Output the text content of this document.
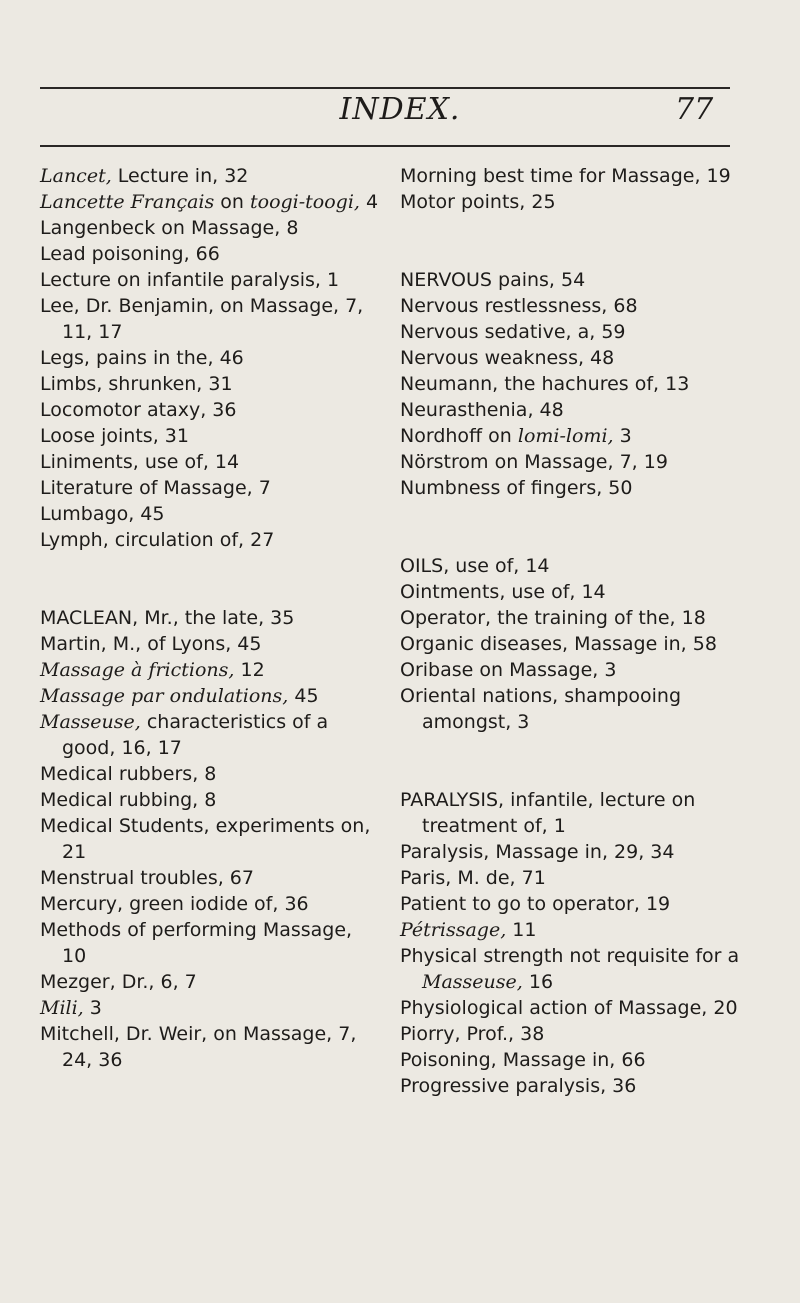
INDEX.	77
Lancet, Lecture in, 32
Lancette Français on toogi-toogi, 4
Langenbeck on Massage, 8
Lead poisoning, 66
Lecture on infantile paralysis, 1
Lee, Dr. Benjamin, on Massage, 7, 11, 17
Legs, pains in the, 46
Limbs, shrunken, 31
Locomotor ataxy, 36
Loose joints, 31
Liniments, use of, 14
Literature of Massage, 7
Lumbago, 45
Lymph, circulation of, 27
MACLEAN, Mr., the late, 35
Martin, M., of Lyons, 45
Massage à frictions, 12
Massage par ondulations, 45
Masseuse, characteristics of a good, 16, 17
Medical rubbers, 8
Medical rubbing, 8
Medical Students, experiments on, 21
Menstrual troubles, 67
Mercury, green iodide of, 36
Methods of performing Massage, 10
Mezger, Dr., 6, 7
Mili, 3
Mitchell, Dr. Weir, on Massage, 7, 24, 36
Morning best time for Massage, 19
Motor points, 25
NERVOUS pains, 54
Nervous restlessness, 68
Nervous sedative, a, 59
Nervous weakness, 48
Neumann, the hachures of, 13
Neurasthenia, 48
Nordhoff on lomi-lomi, 3
Nörstrom on Massage, 7, 19
Numbness of fingers, 50
OILS, use of, 14
Ointments, use of, 14
Operator, the training of the, 18
Organic diseases, Massage in, 58
Oribase on Massage, 3
Oriental nations, shampooing amongst, 3
PARALYSIS, infantile, lecture on treatment of, 1
Paralysis, Massage in, 29, 34
Paris, M. de, 71
Patient to go to operator, 19
Pétrissage, 11
Physical strength not requisite for a Masseuse, 16
Physiological action of Massage, 20
Piorry, Prof., 38
Poisoning, Massage in, 66
Progressive paralysis, 36
